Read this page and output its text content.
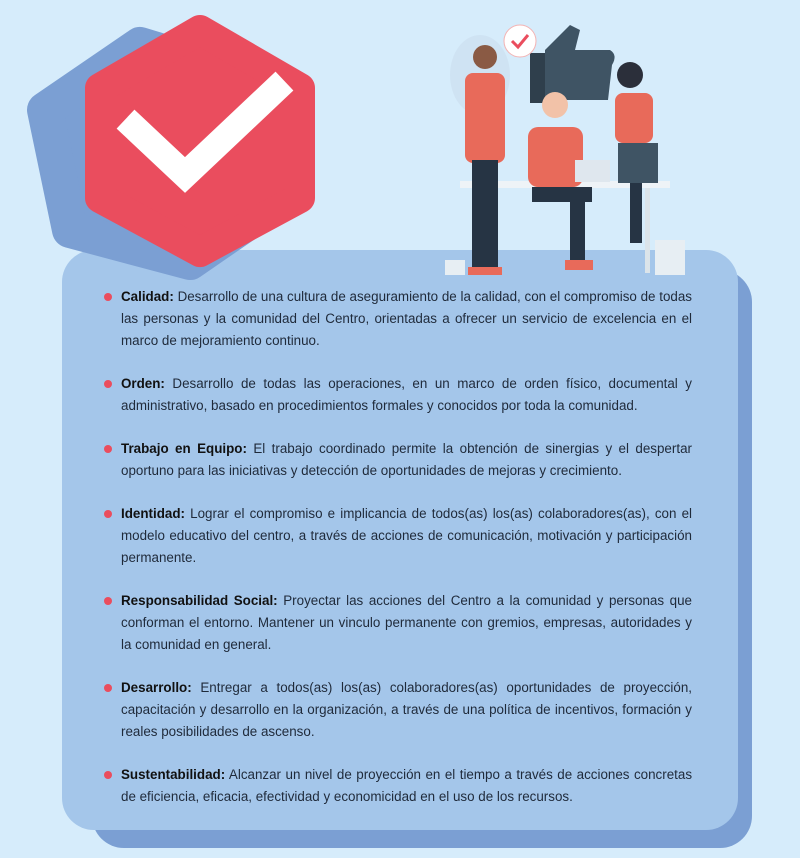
Calidad: Desarrollo de una cultura de aseguramiento de la calidad, con el compromiso de todas las personas y la comunidad del Centro, orientadas a ofrecer un servicio de excelencia en el marco de mejoramiento continuo.
Orden: Desarrollo de todas las operaciones, en un marco de orden físico, documental y administrativo, basado en procedimientos formales y conocidos por toda la comunidad.
Trabajo en Equipo: El trabajo coordinado permite la obtención de sinergias y el despertar oportuno para las iniciativas y detección de oportunidades de mejoras y crecimiento.
Identidad: Lograr el compromiso e implicancia de todos(as) los(as) colaboradores(as), con el modelo educativo del centro, a través de acciones de comunicación, motivación y participación permanente.
Responsabilidad Social: Proyectar las acciones del Centro a la comunidad y personas que conforman el entorno. Mantener un vinculo permanente con gremios, empresas, autoridades y la comunidad en general.
Desarrollo: Entregar a todos(as) los(as) colaboradores(as) oportunidades de proyección, capacitación y desarrollo en la organización, a través de una política de incentivos, formación y reales posibilidades de ascenso.
Sustentabilidad: Alcanzar un nivel de proyección en el tiempo a través de acciones concretas de eficiencia, eficacia, efectividad y economicidad en el uso de los recursos.
